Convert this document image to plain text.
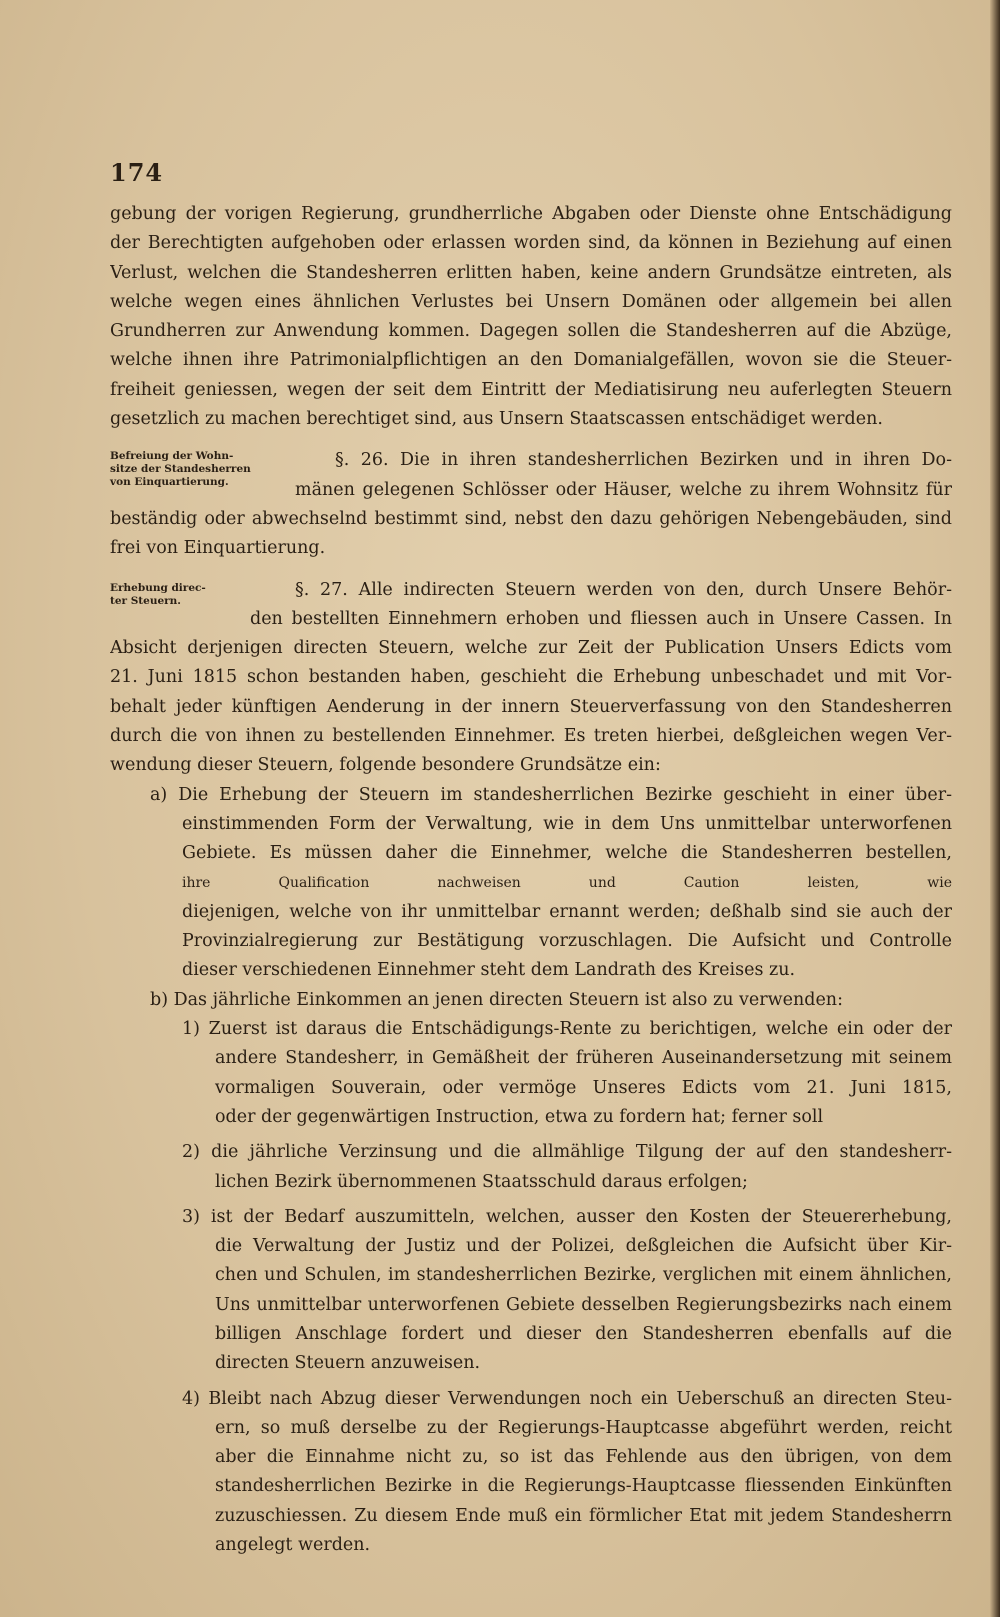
174
gebung der vorigen Regierung, grundherrliche Abgaben oder Dienste ohne Entschädigung
der Berechtigten aufgehoben oder erlassen worden sind, da können in Beziehung auf einen
Verlust, welchen die Standesherren erlitten haben, keine andern Grundsätze eintreten, als
welche wegen eines ähnlichen Verlustes bei Unsern Domänen oder allgemein bei allen
Grundherren zur Anwendung kommen. Dagegen sollen die Standesherren auf die Abzüge,
welche ihnen ihre Patrimonialpflichtigen an den Domanialgefällen, wovon sie die Steuer-
freiheit geniessen, wegen der seit dem Eintritt der Mediatisirung neu auferlegten Steuern
gesetzlich zu machen berechtiget sind, aus Unsern Staatscassen entschädiget werden.
Befreiung der Wohn-
sitze der Standesherren
von Einquartierung.
§. 26. Die in ihren standesherrlichen Bezirken und in ihren Do-
mänen gelegenen Schlösser oder Häuser, welche zu ihrem Wohnsitz für
beständig oder abwechselnd bestimmt sind, nebst den dazu gehörigen Nebengebäuden, sind
frei von Einquartierung.
Erhebung direc-
ter Steuern.
§. 27. Alle indirecten Steuern werden von den, durch Unsere Behör-
den bestellten Einnehmern erhoben und fliessen auch in Unsere Cassen. In
Absicht derjenigen directen Steuern, welche zur Zeit der Publication Unsers Edicts vom
21. Juni 1815 schon bestanden haben, geschieht die Erhebung unbeschadet und mit Vor-
behalt jeder künftigen Aenderung in der innern Steuerverfassung von den Standesherren
durch die von ihnen zu bestellenden Einnehmer. Es treten hierbei, deßgleichen wegen Ver-
wendung dieser Steuern, folgende besondere Grundsätze ein:
a) Die Erhebung der Steuern im standesherrlichen Bezirke geschieht in einer über-
einstimmenden Form der Verwaltung, wie in dem Uns unmittelbar unterworfenen
Gebiete. Es müssen daher die Einnehmer, welche die Standesherren bestellen,
ihre Qualification nachweisen und Caution leisten, wie
diejenigen, welche von ihr unmittelbar ernannt werden; deßhalb sind sie auch der
Provinzialregierung zur Bestätigung vorzuschlagen. Die Aufsicht und Controlle
dieser verschiedenen Einnehmer steht dem Landrath des Kreises zu.
b) Das jährliche Einkommen an jenen directen Steuern ist also zu verwenden:
1) Zuerst ist daraus die Entschädigungs-Rente zu berichtigen, welche ein oder der
andere Standesherr, in Gemäßheit der früheren Auseinandersetzung mit seinem
vormaligen Souverain, oder vermöge Unseres Edicts vom 21. Juni 1815,
oder der gegenwärtigen Instruction, etwa zu fordern hat; ferner soll
2) die jährliche Verzinsung und die allmählige Tilgung der auf den standesherr-
lichen Bezirk übernommenen Staatsschuld daraus erfolgen;
3) ist der Bedarf auszumitteln, welchen, ausser den Kosten der Steuererhebung,
die Verwaltung der Justiz und der Polizei, deßgleichen die Aufsicht über Kir-
chen und Schulen, im standesherrlichen Bezirke, verglichen mit einem ähnlichen,
Uns unmittelbar unterworfenen Gebiete desselben Regierungsbezirks nach einem
billigen Anschlage fordert und dieser den Standesherren ebenfalls auf die
directen Steuern anzuweisen.
4) Bleibt nach Abzug dieser Verwendungen noch ein Ueberschuß an directen Steu-
ern, so muß derselbe zu der Regierungs-Hauptcasse abgeführt werden, reicht
aber die Einnahme nicht zu, so ist das Fehlende aus den übrigen, von dem
standesherrlichen Bezirke in die Regierungs-Hauptcasse fliessenden Einkünften
zuzuschiessen. Zu diesem Ende muß ein förmlicher Etat mit jedem Standesherrn
angelegt werden.
